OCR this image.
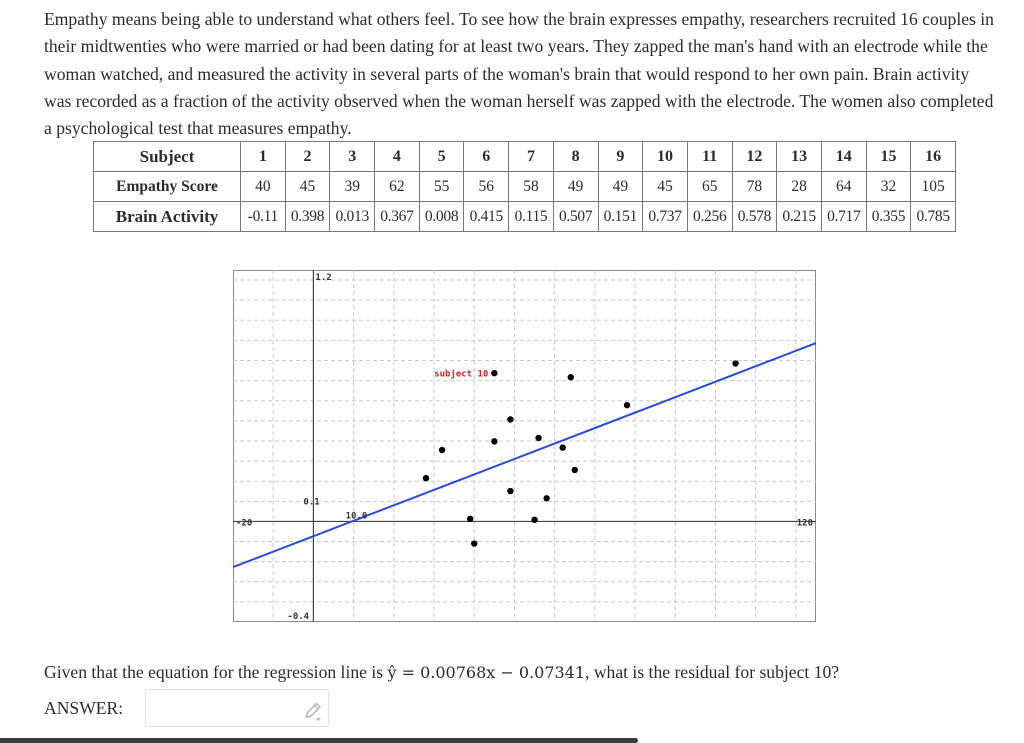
Empathy means being able to understand what others feel. To see how the brain expresses empathy, researchers recruited 16 couples in their midtwenties who were married or had been dating for at least two years. They zapped the man's hand with an electrode while the woman watched, and measured the activity in several parts of the woman's brain that would respond to her own pain. Brain activity was recorded as a fraction of the activity observed when the woman herself was zapped with the electrode. The women also completed a psychological test that measures empathy.

Subject	1	2	3	4	5	6	7	8	9	10	11	12	13	14	15	16
Empathy Score	40	45	39	62	55	56	58	49	49	45	65	78	28	64	32	105
Brain Activity	-0.11	0.398	0.013	0.367	0.008	0.415	0.115	0.507	0.151	0.737	0.256	0.578	0.215	0.717	0.355	0.785
1.2
0.1
-0.4
-20
10.0
120
subject 10
Given that the equation for the regression line is ŷ = 0.00768x − 0.07341, what is the residual for subject 10?
ANSWER:
